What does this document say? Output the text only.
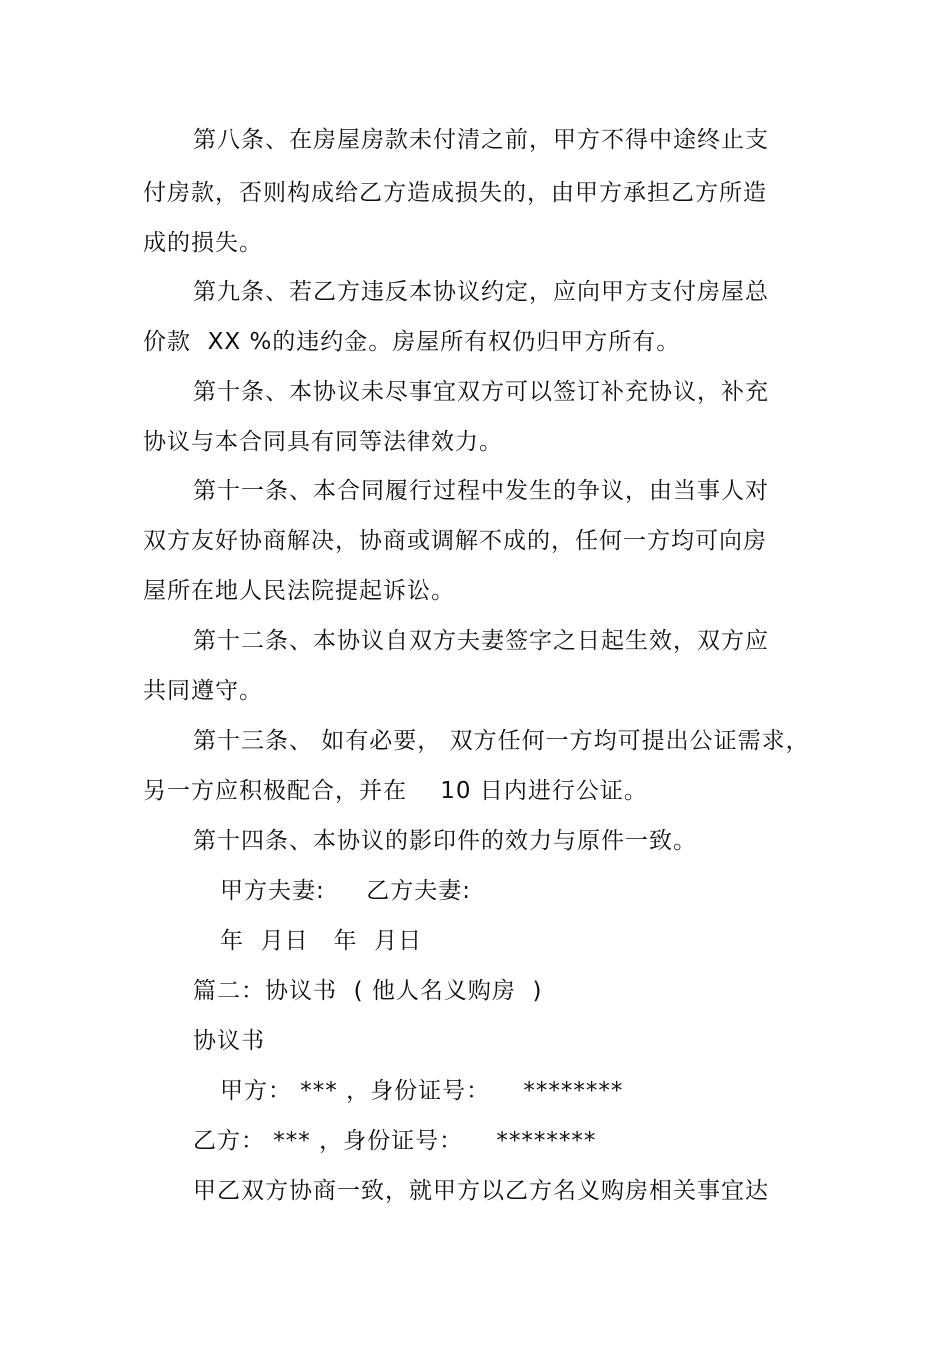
第八条、在房屋房款未付清之前，甲方不得中途终止支
付房款，否则构成给乙方造成损失的，由甲方承担乙方所造
成的损失。
第九条、若乙方违反本协议约定，应向甲方支付房屋总
价款  XX %的违约金。房屋所有权仍归甲方所有。
第十条、本协议未尽事宜双方可以签订补充协议，补充
协议与本合同具有同等法律效力。
第十一条、本合同履行过程中发生的争议，由当事人对
双方友好协商解决，协商或调解不成的，任何一方均可向房
屋所在地人民法院提起诉讼。
第十二条、本协议自双方夫妻签字之日起生效，双方应
共同遵守。
第十三条、 如有必要， 双方任何一方均可提出公证需求，
另一方应积极配合，并在    10 日内进行公证。
第十四条、本协议的影印件的效力与原件一致。
甲方夫妻:     乙方夫妻:
年  月日   年  月日
篇二：协议书  ( 他人名义购房  )
协议书
甲方： *** ，身份证号：    ********
乙方： *** ，身份证号：    ********
甲乙双方协商一致，就甲方以乙方名义购房相关事宜达
